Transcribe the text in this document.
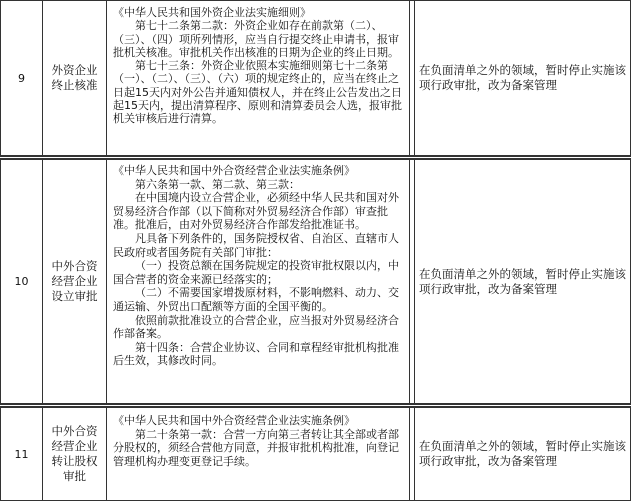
9
外资企业终止核准

《中华人民共和国外资企业法实施细则》

第七十二条第二款：外资企业如存在前款第（二）、（三）、（四）项所列情形，应当自行提交终止申请书，报审批机关核准。审批机关作出核准的日期为企业的终止日期。

第七十三条：外资企业依照本实施细则第七十二条第（一）、（二）、（三）、（六）项的规定终止的，应当在终止之日起15天内对外公告并通知债权人，并在终止公告发出之日起15天内，提出清算程序、原则和清算委员会人选，报审批机关审核后进行清算。

在负面清单之外的领域，暂时停止实施该项行政审批，改为备案管理
10
中外合资经营企业设立审批

《中华人民共和国中外合资经营企业法实施条例》

第六条第一款、第二款、第三款：

在中国境内设立合营企业，必须经中华人民共和国对外贸易经济合作部（以下简称对外贸易经济合作部）审查批准。批准后，由对外贸易经济合作部发给批准证书。

凡具备下列条件的，国务院授权省、自治区、直辖市人民政府或者国务院有关部门审批：

（一）投资总额在国务院规定的投资审批权限以内，中国合营者的资金来源已经落实的；

（二）不需要国家增拨原材料，不影响燃料、动力、交通运输、外贸出口配额等方面的全国平衡的。

依照前款批准设立的合营企业，应当报对外贸易经济合作部备案。

第十四条：合营企业协议、合同和章程经审批机构批准后生效，其修改时同。

在负面清单之外的领域，暂时停止实施该项行政审批，改为备案管理
11
中外合资经营企业转让股权审批

《中华人民共和国中外合资经营企业法实施条例》

第二十条第一款：合营一方向第三者转让其全部或者部分股权的，须经合营他方同意，并报审批机构批准，向登记管理机构办理变更登记手续。

在负面清单之外的领域，暂时停止实施该项行政审批，改为备案管理
